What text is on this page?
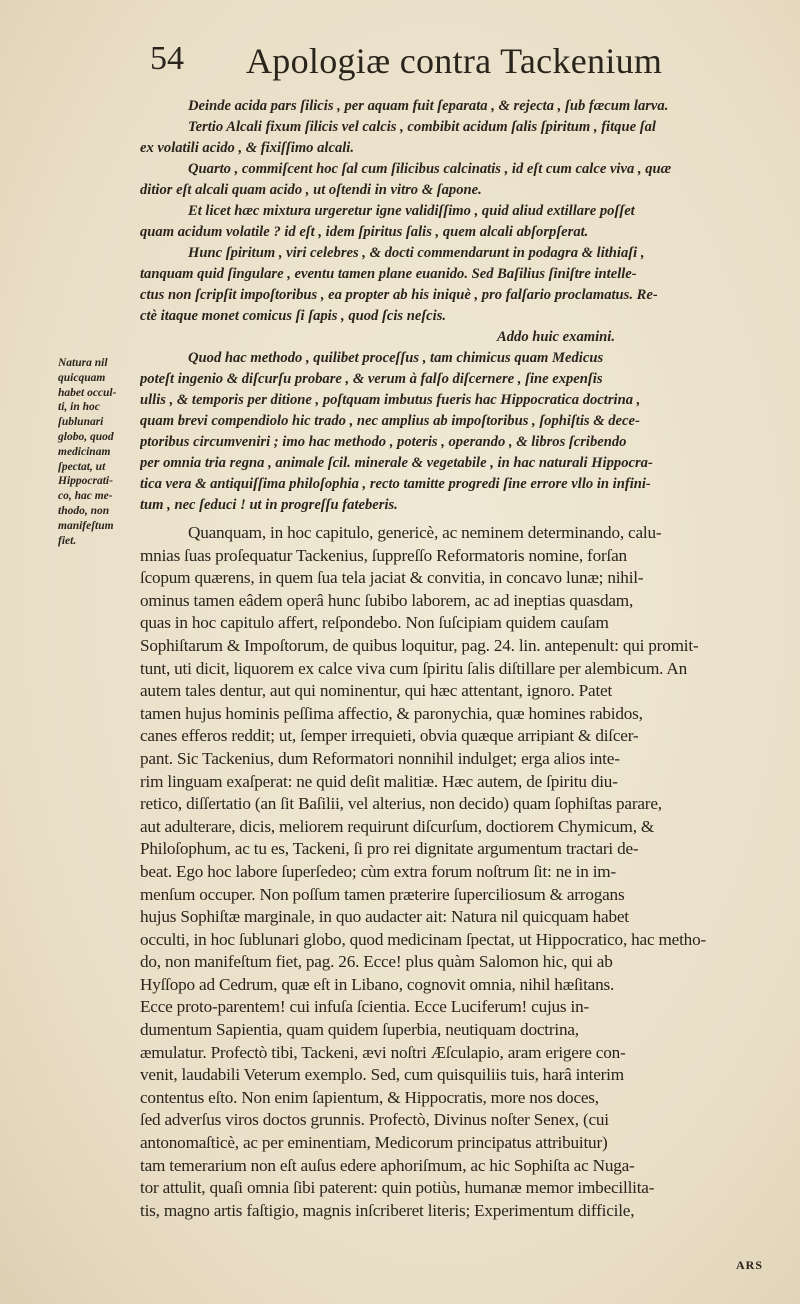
54 Apologiæ contra Tackenium
Deinde acida pars ſilicis , per aquam fuit ſeparata , & rejecta , ſub fæcum larva.
Tertio Alcali fixum ſilicis vel calcis , combibit acidum ſalis ſpiritum , fitque ſal
ex volatili acido , & fixiſſimo alcali.
Quarto , commiſcent hoc ſal cum ſilicibus calcinatis , id eſt cum calce viva , quæ
ditior eſt alcali quam acido , ut oſtendi in vitro & ſapone.
Et licet hæc mixtura urgeretur igne validiſſimo , quid aliud extillare poſſet
quam acidum volatile ? id eſt , idem ſpiritus ſalis , quem alcali abſorpſerat.
Hunc ſpiritum , viri celebres , & docti commendarunt in podagra & lithiaſi ,
tanquam quid ſingulare , eventu tamen plane euanido. Sed Baſilius ſiniſtre intelle-
ctus non ſcripſit impoſtoribus , ea propter ab his iniquè , pro falſario proclamatus. Re-
ctè itaque monet comicus ſi ſapis , quod ſcis neſcis.
Addo huic examini.
Quod hac methodo , quilibet proceſſus , tam chimicus quam Medicus
poteſt ingenio & diſcurſu probare , & verum à falſo diſcernere , ſine expenſis
ullis , & temporis per ditione , poſtquam imbutus fueris hac Hippocratica doctrina ,
quam brevi compendiolo hic trado , nec amplius ab impoſtoribus , ſophiſtis & dece-
ptoribus circumveniri ; imo hac methodo , poteris , operando , & libros ſcribendo
per omnia tria regna , animale ſcil. minerale & vegetabile , in hac naturali Hippocra-
tica vera & antiquiſſima philoſophia , recto tamitte progredi ſine errore vllo in infini-
tum , nec ſeduci ! ut in progreſſu fateberis.
Quanquam, in hoc capitulo, genericè, ac neminem determinando, calu-
mnias ſuas proſequatur Tackenius, ſuppreſſo Reformatoris nomine, forſan
ſcopum quærens, in quem ſua tela jaciat & convitia, in concavo lunæ; nihil-
ominus tamen eâdem operâ hunc ſubibo laborem, ac ad ineptias quasdam,
quas in hoc capitulo affert, reſpondebo. Non ſuſcipiam quidem cauſam
Sophiſtarum & Impoſtorum, de quibus loquitur, pag. 24. lin. antepenult: qui promit-
tunt, uti dicit, liquorem ex calce viva cum ſpiritu ſalis diſtillare per alembicum. An
autem tales dentur, aut qui nominentur, qui hæc attentant, ignoro. Patet
tamen hujus hominis peſſima affectio, & paronychia, quæ homines rabidos,
canes efferos reddit; ut, ſemper irrequieti, obvia quæque arripiant & diſcer-
pant. Sic Tackenius, dum Reformatori nonnihil indulget; erga alios inte-
rim linguam exaſperat: ne quid deſit malitiæ. Hæc autem, de ſpiritu diu-
retico, diſſertatio (an ſit Baſilii, vel alterius, non decido) quam ſophiſtas parare,
aut adulterare, dicis, meliorem requirunt diſcurſum, doctiorem Chymicum, &
Philoſophum, ac tu es, Tackeni, ſi pro rei dignitate argumentum tractari de-
beat. Ego hoc labore ſuperſedeo; cùm extra forum noſtrum ſit: ne in im-
menſum occuper. Non poſſum tamen præterire ſuperciliosum & arrogans
hujus Sophiſtæ marginale, in quo audacter ait: Natura nil quicquam habet
occulti, in hoc ſublunari globo, quod medicinam ſpectat, ut Hippocratico, hac metho-
do, non manifeſtum fiet, pag. 26. Ecce! plus quàm Salomon hic, qui ab
Hyſſopo ad Cedrum, quæ eſt in Libano, cognovit omnia, nihil hæſitans.
Ecce proto-parentem! cui infuſa ſcientia. Ecce Luciferum! cujus in-
dumentum Sapientia, quam quidem ſuperbia, neutiquam doctrina,
æmulatur. Profectò tibi, Tackeni, ævi noſtri Æſculapio, aram erigere con-
venit, laudabili Veterum exemplo. Sed, cum quisquiliis tuis, harâ interim
contentus eſto. Non enim ſapientum, & Hippocratis, more nos doces,
ſed adverſus viros doctos grunnis. Profectò, Divinus noſter Senex, (cui
antonomaſticè, ac per eminentiam, Medicorum principatus attribuitur)
tam temerarium non eſt auſus edere aphoriſmum, ac hic Sophiſta ac Nuga-
tor attulit, quaſi omnia ſibi paterent: quin potiùs, humanæ memor imbecillita-
tis, magno artis faſtigio, magnis inſcriberet literis; Experimentum difficile,
Natura nil
quicquam
habet occul-
ti, in hoc
ſublunari
globo, quod
medicinam
ſpectat, ut
Hippocrati-
co, hac me-
thodo, non
manifeſtum
fiet.
ARS
